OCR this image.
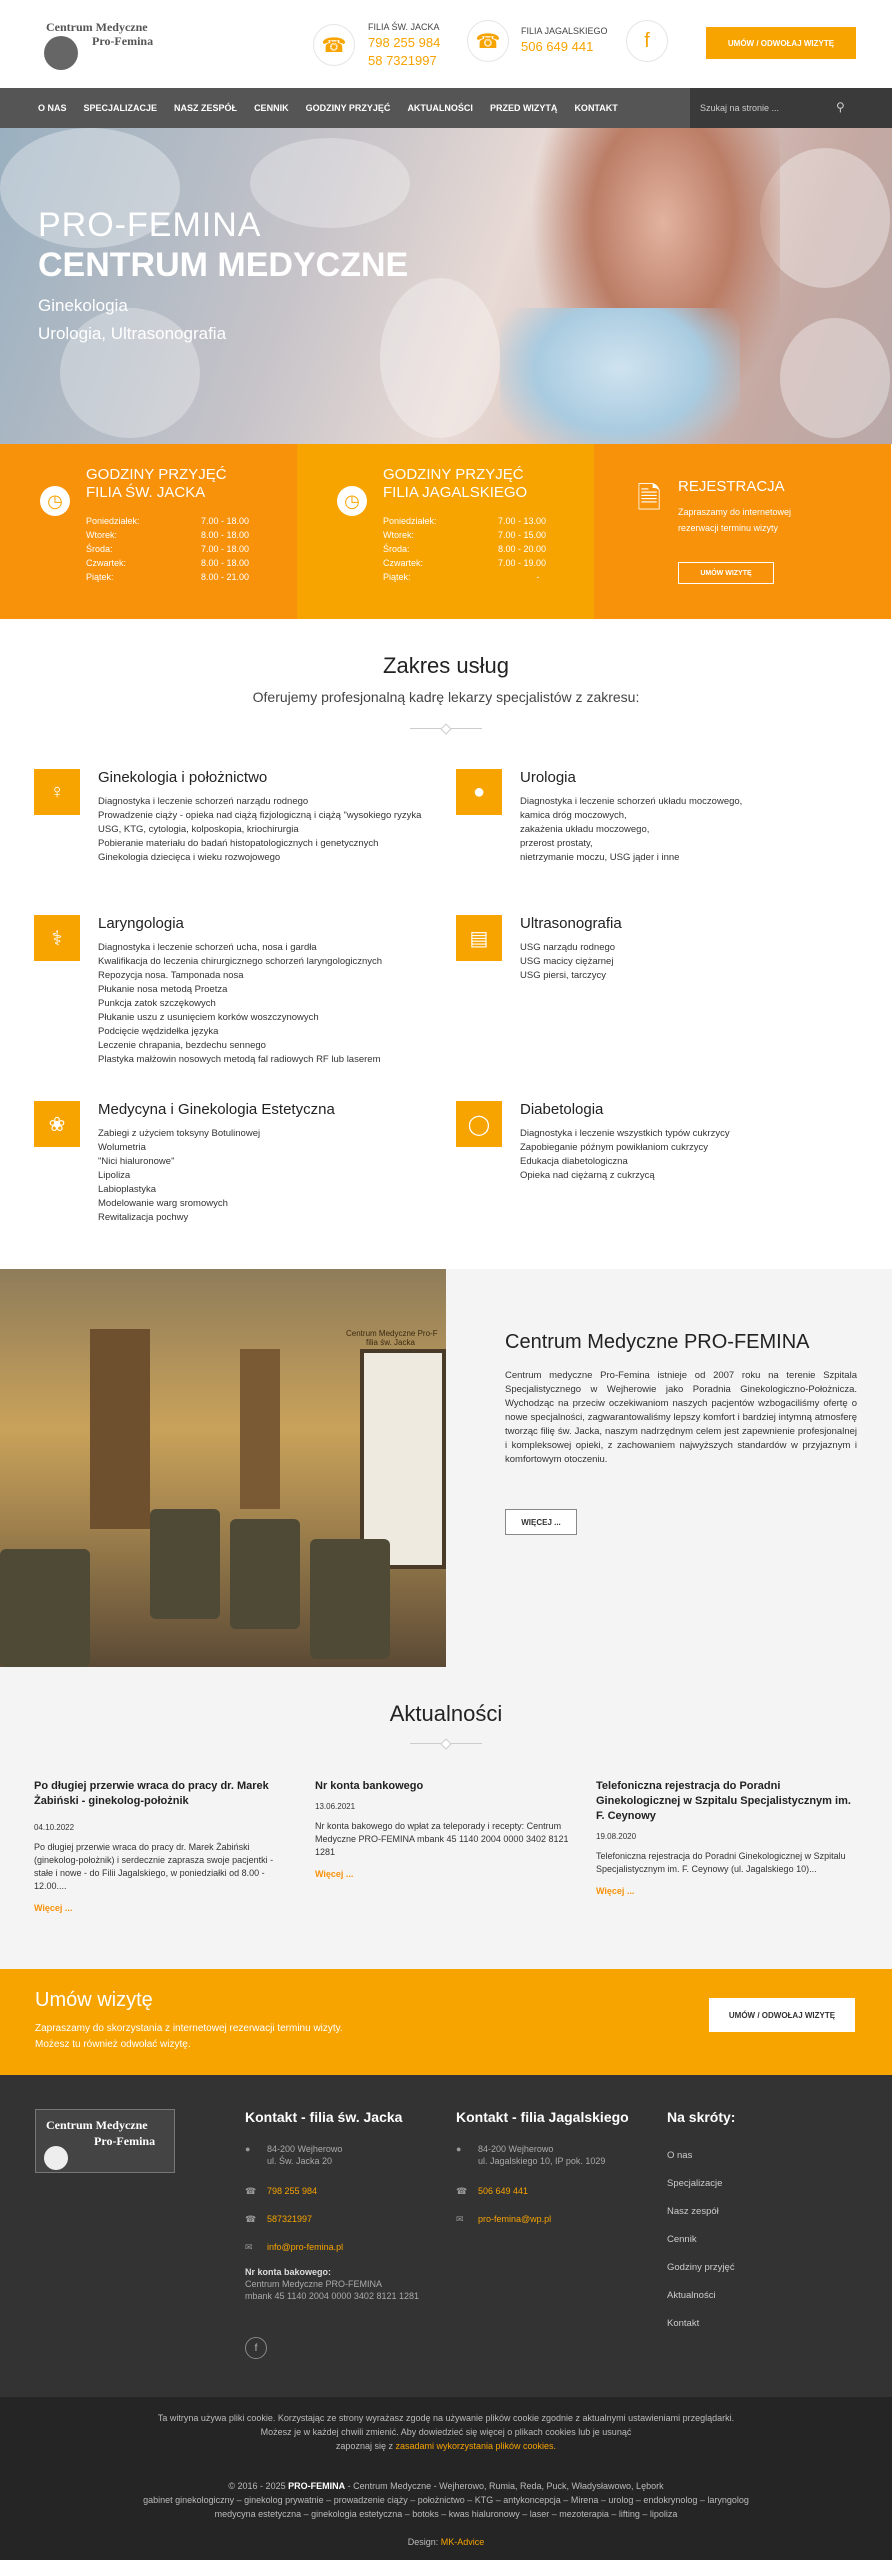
Centrum Medyczne
Pro-Femina	☎
FILIA ŚW. JACKA
798 255 984
58 7321997
☎	FILIA JAGALSKIEGO
506 649 441	f	UMÓW / ODWOŁAJ WIZYTĘ
O NAS SPECJALIZACJE NASZ ZESPÓŁ CENNIK GODZINY PRZYJĘĆ AKTUALNOŚCI PRZED WIZYTĄ KONTAKT	Szukaj na stronie ...	⚲
PRO-FEMINA
CENTRUM MEDYCZNE
Ginekologia
Urologia, Ultrasonografia
◷
GODZINY PRZYJĘĆ
FILIA ŚW. JACKA
Poniedziałek:	7.00 - 18.00
Wtorek:	8.00 - 18.00
Środa:	7.00 - 18.00
Czwartek:	8.00 - 18.00
Piątek:	8.00 - 21.00
◷
GODZINY PRZYJĘĆ
FILIA JAGALSKIEGO
Poniedziałek:	7.00 - 13.00
Wtorek:	7.00 - 15.00
Środa:	8.00 - 20.00
Czwartek:	7.00 - 19.00
Piątek:	-
🗎 REJESTRACJA
Zapraszamy do internetowej
rezerwacji terminu wizyty
UMÓW WIZYTĘ
Zakres usług
Oferujemy profesjonalną kadrę lekarzy specjalistów z zakresu:
♀
Ginekologia i położnictwo
Diagnostyka i leczenie schorzeń narządu rodnego
Prowadzenie ciąży - opieka nad ciążą fizjologiczną i ciążą "wysokiego ryzyka
USG, KTG, cytologia, kolposkopia, kriochirurgia
Pobieranie materiału do badań histopatologicznych i genetycznych
Ginekologia dziecięca i wieku rozwojowego
●
Urologia
Diagnostyka i leczenie schorzeń układu moczowego,
kamica dróg moczowych,
zakażenia układu moczowego,
przerost prostaty,
nietrzymanie moczu, USG jąder i inne
⚕
Laryngologia
Diagnostyka i leczenie schorzeń ucha, nosa i gardła
Kwalifikacja do leczenia chirurgicznego schorzeń laryngologicznych
Repozycja nosa. Tamponada nosa
Płukanie nosa metodą Proetza
Punkcja zatok szczękowych
Płukanie uszu z usunięciem korków woszczynowych
Podcięcie wędzidełka języka
Leczenie chrapania, bezdechu sennego
Plastyka małżowin nosowych metodą fal radiowych RF lub laserem
▤
Ultrasonografia
USG narządu rodnego
USG macicy ciężarnej
USG piersi, tarczycy
❀
Medycyna i Ginekologia Estetyczna
Zabiegi z użyciem toksyny Botulinowej
Wolumetria
"Nici hialuronowe"
Lipoliza
Labioplastyka
Modelowanie warg sromowych
Rewitalizacja pochwy
◯
Diabetologia
Diagnostyka i leczenie wszystkich typów cukrzycy
Zapobieganie późnym powikłaniom cukrzycy
Edukacja diabetologiczna
Opieka nad ciężarną z cukrzycą
Centrum Medyczne Pro-F
filia św. Jacka	Centrum Medyczne PRO-FEMINA
Centrum medyczne Pro-Femina istnieje od 2007 roku na terenie Szpitala Specjalistycznego w Wejherowie jako Poradnia Ginekologiczno-Położnicza. Wychodząc na przeciw oczekiwaniom naszych pacjentów wzbogaciliśmy ofertę o nowe specjalności, zagwarantowaliśmy lepszy komfort i bardziej intymną atmosferę tworząc filię św. Jacka, naszym nadrzędnym celem jest zapewnienie profesjonalnej i kompleksowej opieki, z zachowaniem najwyższych standardów w przyjaznym i komfortowym otoczeniu.
WIĘCEJ ...
Aktualności
Po długiej przerwie wraca do pracy dr. Marek Żabiński - ginekolog-położnik
04.10.2022
Po długiej przerwie wraca do pracy dr. Marek Żabiński (ginekolog-położnik) i serdecznie zaprasza swoje pacjentki - stałe i nowe - do Filii Jagalskiego, w poniedziałki od 8.00 - 12.00....
Więcej ...
Nr konta bankowego
13.06.2021
Nr konta bakowego do wpłat za teleporady i recepty: Centrum Medyczne PRO-FEMINA mbank 45 1140 2004 0000 3402 8121 1281
Więcej ...
Telefoniczna rejestracja do Poradni Ginekologicznej w Szpitalu Specjalistycznym im. F. Ceynowy
19.08.2020
Telefoniczna rejestracja do Poradni Ginekologicznej w Szpitalu Specjalistycznym im. F. Ceynowy (ul. Jagalskiego 10)...
Więcej ...
Umów wizytę
Zapraszamy do skorzystania z internetowej rezerwacji terminu wizyty.
Możesz tu również odwołać wizytę.
UMÓW / ODWOŁAJ WIZYTĘ
Centrum Medyczne
Pro-Femina
Kontakt - filia św. Jacka
● 84-200 Wejherowo
ul. Św. Jacka 20
☎ 798 255 984
☎ 587321997
✉ info@pro-femina.pl
Nr konta bakowego:
Centrum Medyczne PRO-FEMINA
mbank 45 1140 2004 0000 3402 8121 1281
f
Kontakt - filia Jagalskiego
● 84-200 Wejherowo
ul. Jagalskiego 10, IP pok. 1029
☎ 506 649 441
✉ pro-femina@wp.pl
Na skróty:
O nas
Specjalizacje
Nasz zespół
Cennik
Godziny przyjęć
Aktualności
Kontakt
Ta witryna używa pliki cookie. Korzystając ze strony wyrażasz zgodę na używanie plików cookie zgodnie z aktualnymi ustawieniami przeglądarki.
Możesz je w każdej chwili zmienić. Aby dowiedzieć się więcej o plikach cookies lub je usunąć
zapoznaj się z zasadami wykorzystania plików cookies.
© 2016 - 2025 PRO-FEMINA - Centrum Medyczne - Wejherowo, Rumia, Reda, Puck, Władysławowo, Lębork
gabinet ginekologiczny – ginekolog prywatnie – prowadzenie ciąży – położnictwo – KTG – antykoncepcja – Mirena – urolog – endokrynolog – laryngolog
medycyna estetyczna – ginekologia estetyczna – botoks – kwas hialuronowy – laser – mezoterapia – lifting – lipoliza
Design: MK-Advice
